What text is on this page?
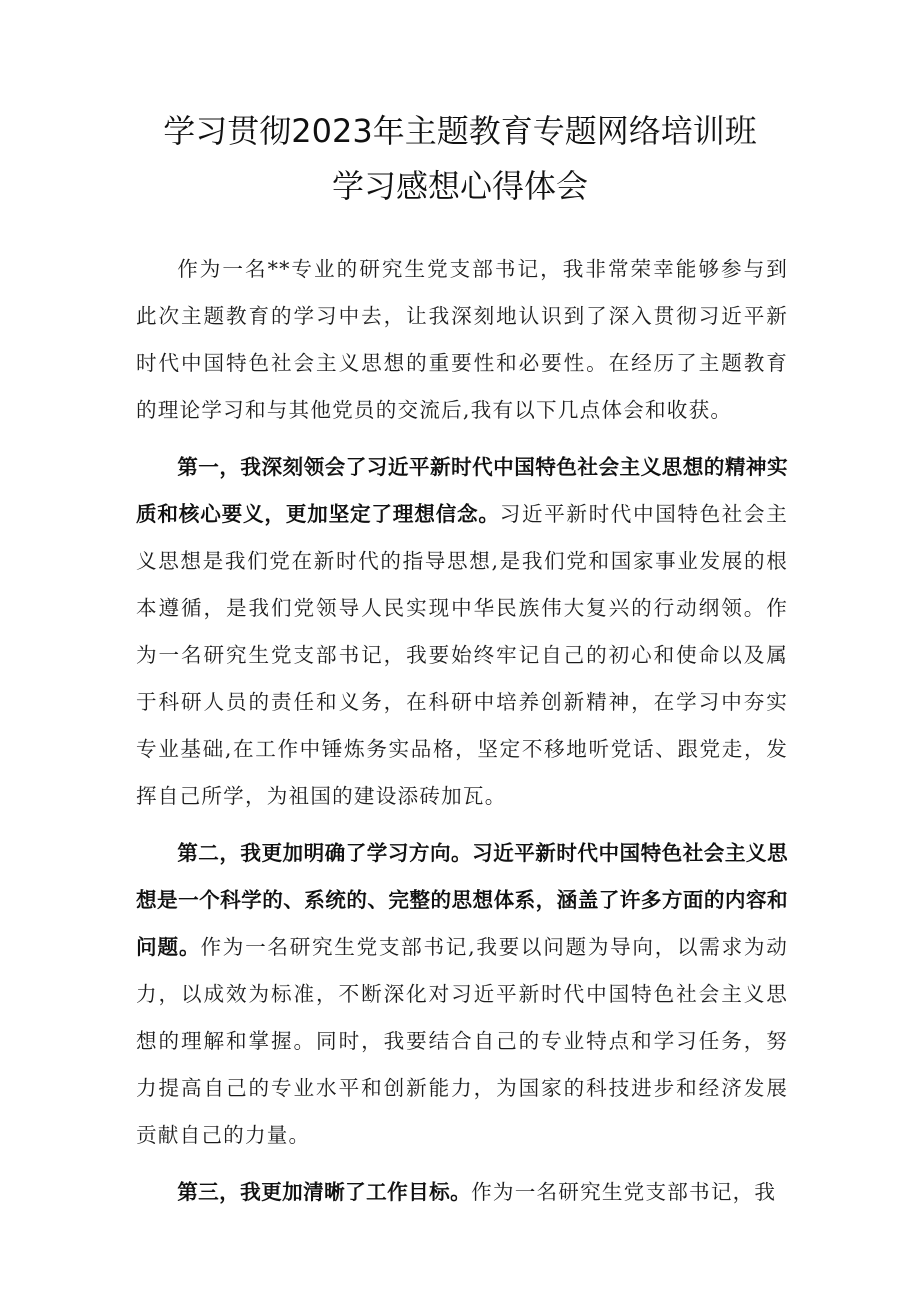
学习贯彻2023年主题教育专题网络培训班
学习感想心得体会

作为一名**专业的研究生党支部书记，我非常荣幸能够参与到此次主题教育的学习中去，让我深刻地认识到了深入贯彻习近平新时代中国特色社会主义思想的重要性和必要性。在经历了主题教育的理论学习和与其他党员的交流后,我有以下几点体会和收获。

第一，我深刻领会了习近平新时代中国特色社会主义思想的精神实质和核心要义，更加坚定了理想信念。习近平新时代中国特色社会主义思想是我们党在新时代的指导思想,是我们党和国家事业发展的根本遵循，是我们党领导人民实现中华民族伟大复兴的行动纲领。作为一名研究生党支部书记，我要始终牢记自己的初心和使命以及属于科研人员的责任和义务，在科研中培养创新精神，在学习中夯实专业基础,在工作中锤炼务实品格，坚定不移地听党话、跟党走，发挥自己所学，为祖国的建设添砖加瓦。

第二，我更加明确了学习方向。习近平新时代中国特色社会主义思想是一个科学的、系统的、完整的思想体系，涵盖了许多方面的内容和问题。作为一名研究生党支部书记,我要以问题为导向，以需求为动力，以成效为标准，不断深化对习近平新时代中国特色社会主义思想的理解和掌握。同时，我要结合自己的专业特点和学习任务，努力提高自己的专业水平和创新能力，为国家的科技进步和经济发展贡献自己的力量。

第三，我更加清晰了工作目标。作为一名研究生党支部书记，我
